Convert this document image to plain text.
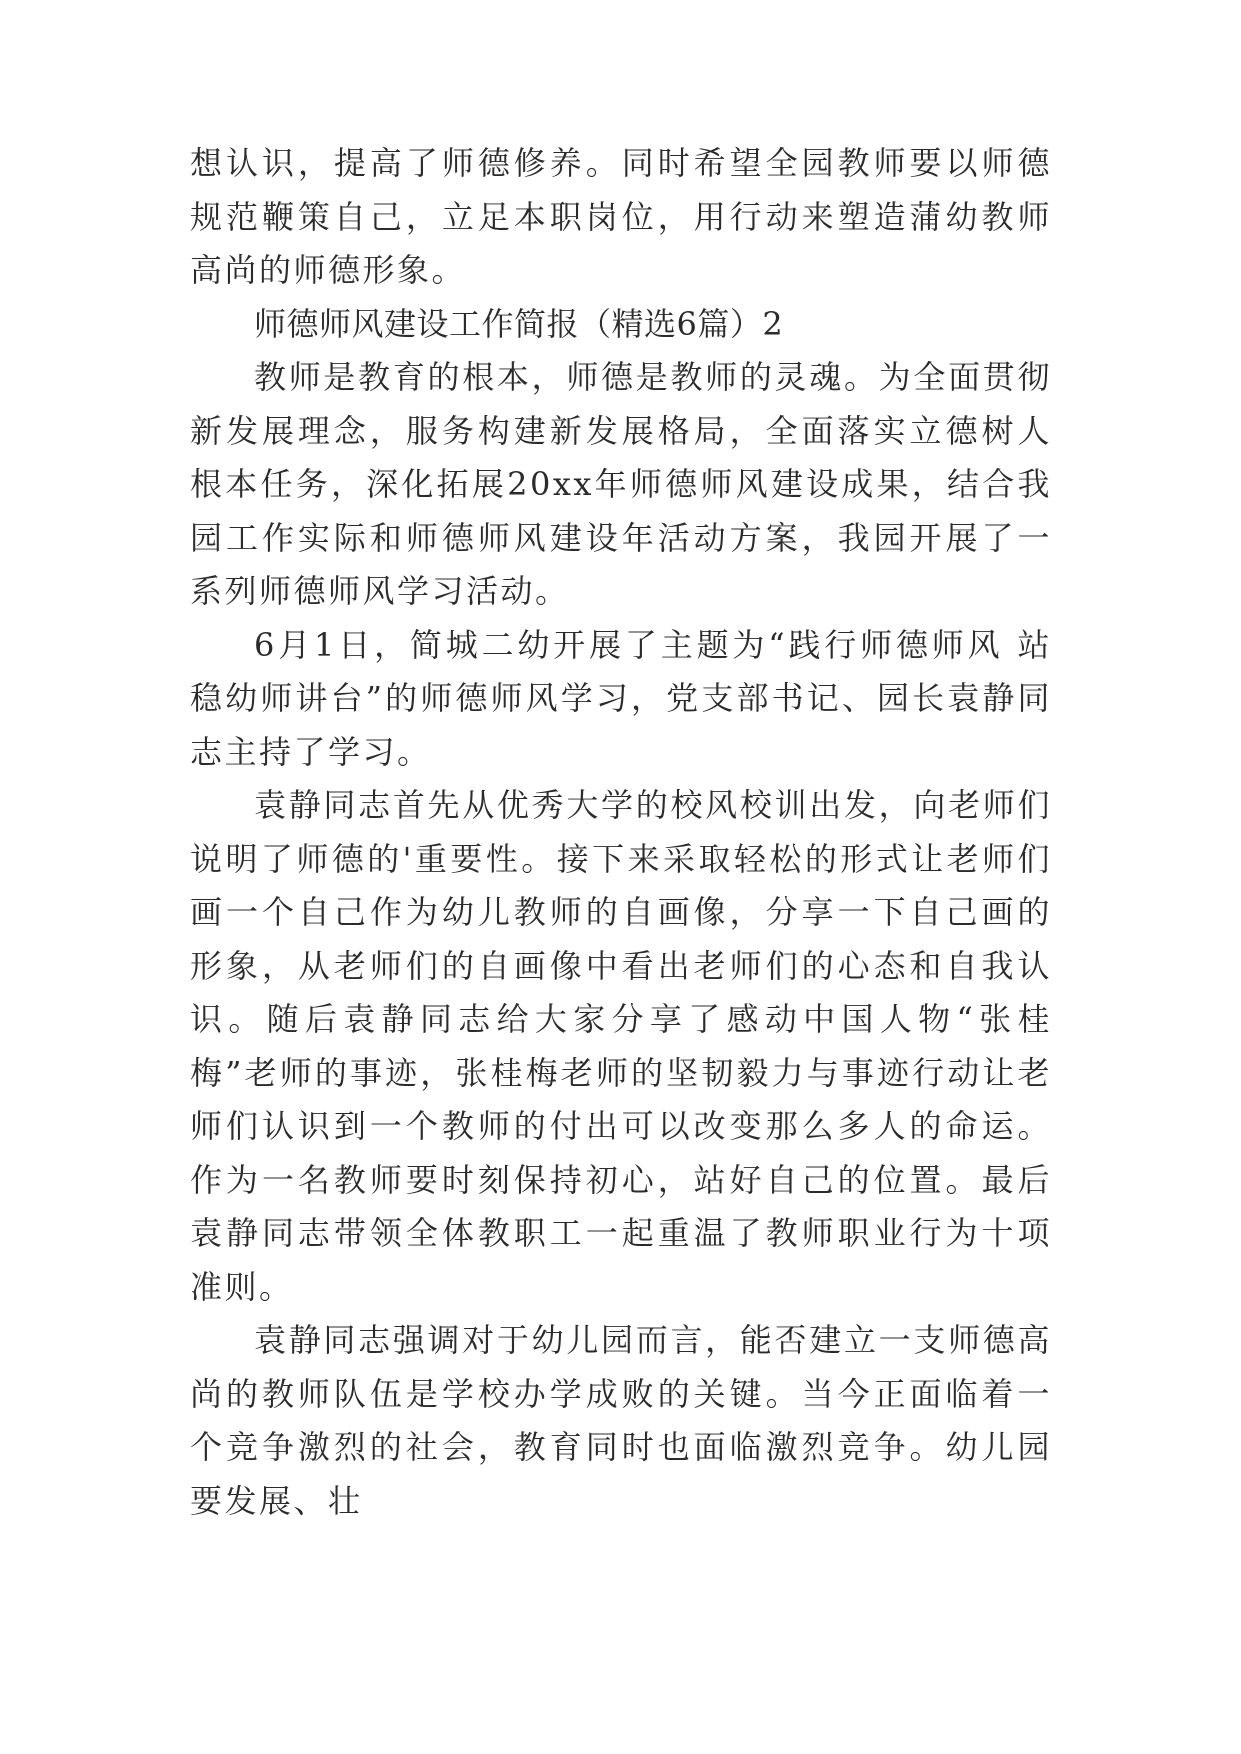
想认识，提高了师德修养。同时希望全园教师要以师德规范鞭策自己，立足本职岗位，用行动来塑造蒲幼教师高尚的师德形象。

师德师风建设工作简报（精选6篇）2

教师是教育的根本，师德是教师的灵魂。为全面贯彻新发展理念，服务构建新发展格局，全面落实立德树人根本任务，深化拓展20xx年师德师风建设成果，结合我园工作实际和师德师风建设年活动方案，我园开展了一系列师德师风学习活动。

6月1日，简城二幼开展了主题为“践行师德师风 站稳幼师讲台”的师德师风学习，党支部书记、园长袁静同志主持了学习。

袁静同志首先从优秀大学的校风校训出发，向老师们说明了师德的'重要性。接下来采取轻松的形式让老师们画一个自己作为幼儿教师的自画像，分享一下自己画的形象，从老师们的自画像中看出老师们的心态和自我认识。随后袁静同志给大家分享了感动中国人物“张桂梅”老师的事迹，张桂梅老师的坚韧毅力与事迹行动让老师们认识到一个教师的付出可以改变那么多人的命运。作为一名教师要时刻保持初心，站好自己的位置。最后袁静同志带领全体教职工一起重温了教师职业行为十项准则。

袁静同志强调对于幼儿园而言，能否建立一支师德高尚的教师队伍是学校办学成败的关键。当今正面临着一个竞争激烈的社会，教育同时也面临激烈竞争。幼儿园要发展、壮
